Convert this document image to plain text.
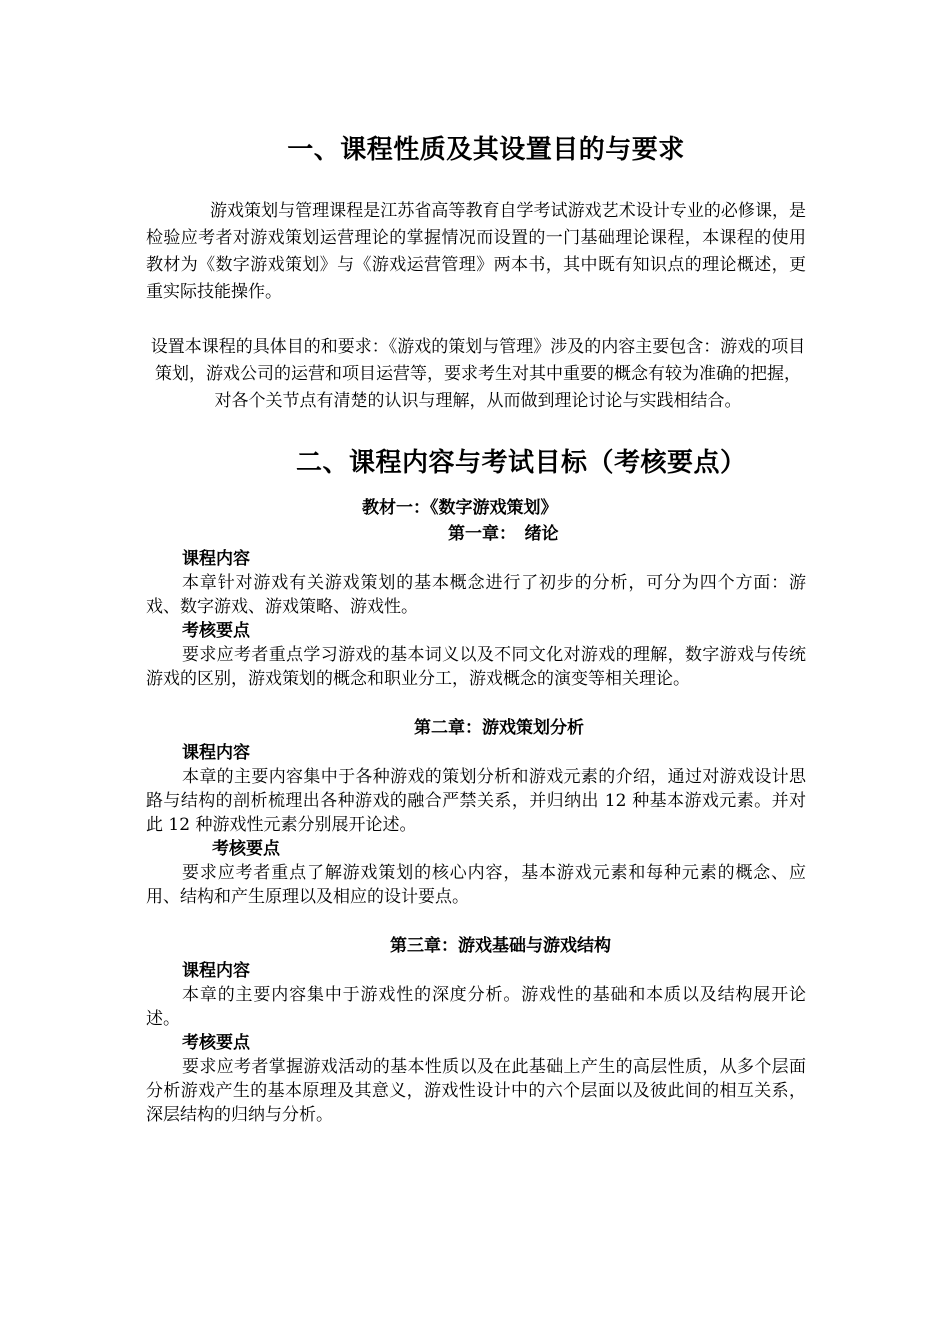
一、课程性质及其设置目的与要求

游戏策划与管理课程是江苏省高等教育自学考试游戏艺术设计专业的必修课，是检验应考者对游戏策划运营理论的掌握情况而设置的一门基础理论课程，本课程的使用教材为《数字游戏策划》与《游戏运营管理》两本书，其中既有知识点的理论概述，更重实际技能操作。

设置本课程的具体目的和要求：《游戏的策划与管理》涉及的内容主要包含：游戏的项目策划，游戏公司的运营和项目运营等，要求考生对其中重要的概念有较为准确的把握，对各个关节点有清楚的认识与理解，从而做到理论讨论与实践相结合。

二、课程内容与考试目标（考核要点）
教材一：《数字游戏策划》
第一章：　绪论
课程内容

本章针对游戏有关游戏策划的基本概念进行了初步的分析，可分为四个方面：游戏、数字游戏、游戏策略、游戏性。

考核要点

要求应考者重点学习游戏的基本词义以及不同文化对游戏的理解，数字游戏与传统游戏的区别，游戏策划的概念和职业分工，游戏概念的演变等相关理论。

第二章：游戏策划分析
课程内容

本章的主要内容集中于各种游戏的策划分析和游戏元素的介绍，通过对游戏设计思路与结构的剖析梳理出各种游戏的融合严禁关系，并归纳出 12 种基本游戏元素。并对此 12 种游戏性元素分别展开论述。

考核要点

要求应考者重点了解游戏策划的核心内容，基本游戏元素和每种元素的概念、应用、结构和产生原理以及相应的设计要点。

第三章：游戏基础与游戏结构
课程内容

本章的主要内容集中于游戏性的深度分析。游戏性的基础和本质以及结构展开论述。

考核要点

要求应考者掌握游戏活动的基本性质以及在此基础上产生的高层性质，从多个层面分析游戏产生的基本原理及其意义，游戏性设计中的六个层面以及彼此间的相互关系，深层结构的归纳与分析。
